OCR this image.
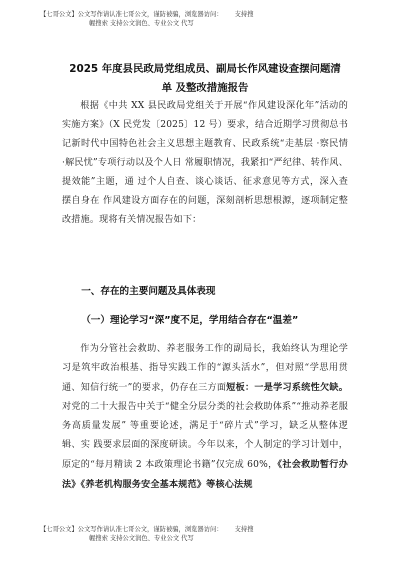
【七哥公文】公文写作请认准七哥公文，谨防被骗，浏览器访问： 支持搜
幄搜索 支持公文润色、专业公文 代写
2025 年度县民政局党组成员、副局长作风建设查摆问题清
单 及整改措施报告
根据《中共 XX 县民政局党组关于开展“作风建设深化年”活动的实施方案》（X 民党发〔2025〕12 号）要求，结合近期学习贯彻总书记新时代中国特色社会主义思想主题教育、民政系统“走基层 ·察民情 ·解民忧”专项行动以及个人日 常履职情况，我紧扣“严纪律、转作风、提效能”主题，通 过个人自查、谈心谈话、征求意见等方式，深入查摆自身在 作风建设方面存在的问题，深刻剖析思想根源，逐项制定整改措施。现将有关情况报告如下：
一、存在的主要问题及具体表现
（一）理论学习“深”度不足，学用结合存在“温差”
作为分管社会救助、养老服务工作的副局长，我始终认为理论学习是筑牢政治根基、指导实践工作的“源头活水”，但对照“学思用贯通、知信行统一”的要求，仍存在三方面短板：一是学习系统性欠缺。对党的二十大报告中关于“健全分层分类的社会救助体系”“推动养老服务高质量发展” 等重要论述，满足于“碎片式”学习，缺乏从整体逻辑、实 践要求层面的深度研读。今年以来，个人制定的学习计划中，原定的“每月精读 2 本政策理论书籍”仅完成 60%，《社会救助暂行办法》《养老机构服务安全基本规范》等核心法规
【七哥公文】公文写作请认准七哥公文，谨防被骗，浏览器访问： 支持搜
幄搜索 支持公文润色、专业公文 代写
